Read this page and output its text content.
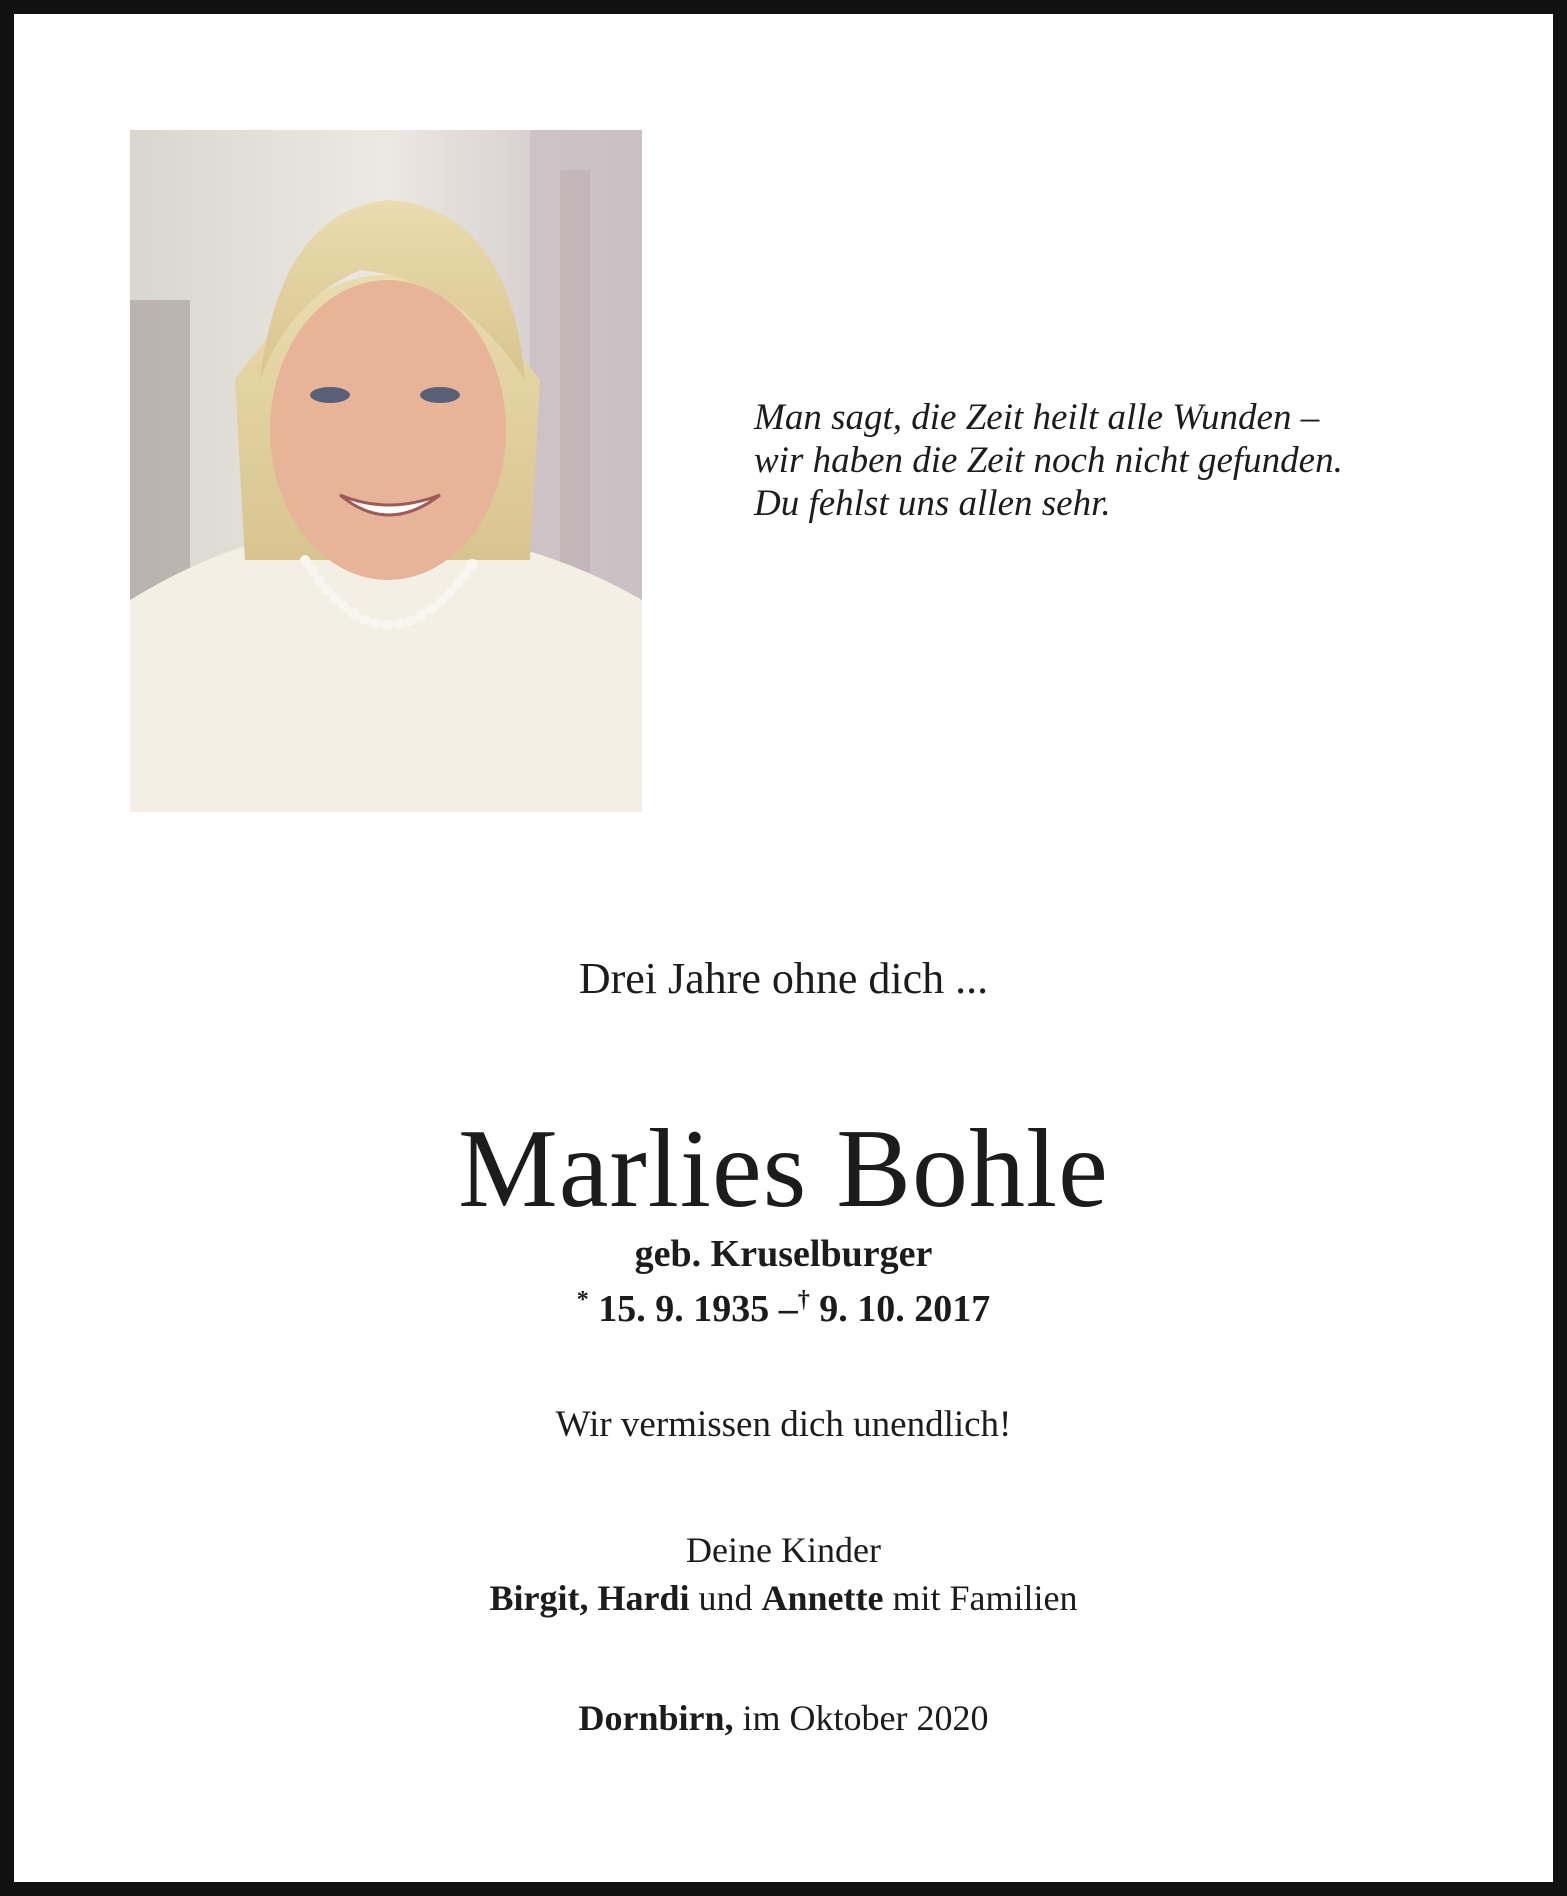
Man sagt, die Zeit heilt alle Wunden –
wir haben die Zeit noch nicht gefunden.
Du fehlst uns allen sehr.
Drei Jahre ohne dich ...
Marlies Bohle
geb. Kruselburger
* 15. 9. 1935 –† 9. 10. 2017
Wir vermissen dich unendlich!
Deine Kinder
Birgit, Hardi und Annette mit Familien
Dornbirn, im Oktober 2020
